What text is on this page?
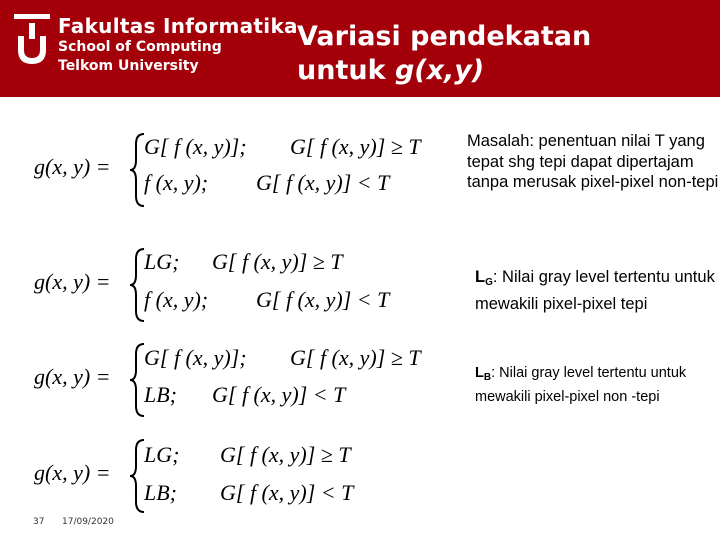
Fakultas Informatika
School of Computing
Telkom University
Variasi pendekatan
untuk g(x,y)
g(x, y) =
G[ f (x, y)]; G[ f (x, y)] ≥ T
f (x, y); G[ f (x, y)] < T
g(x, y) =
LG; G[ f (x, y)] ≥ T
f (x, y); G[ f (x, y)] < T
g(x, y) =
G[ f (x, y)]; G[ f (x, y)] ≥ T
LB; G[ f (x, y)] < T
g(x, y) =
LG; G[ f (x, y)] ≥ T
LB; G[ f (x, y)] < T
Masalah: penentuan nilai T yang tepat shg tepi dapat dipertajam tanpa merusak pixel-pixel non-tepi
$L_G$: Nilai gray level tertentu untuk mewakili pixel-pixel tepi
$L_B$: Nilai gray level tertentu untuk mewakili pixel-pixel non -tepi
37 17/09/2020
